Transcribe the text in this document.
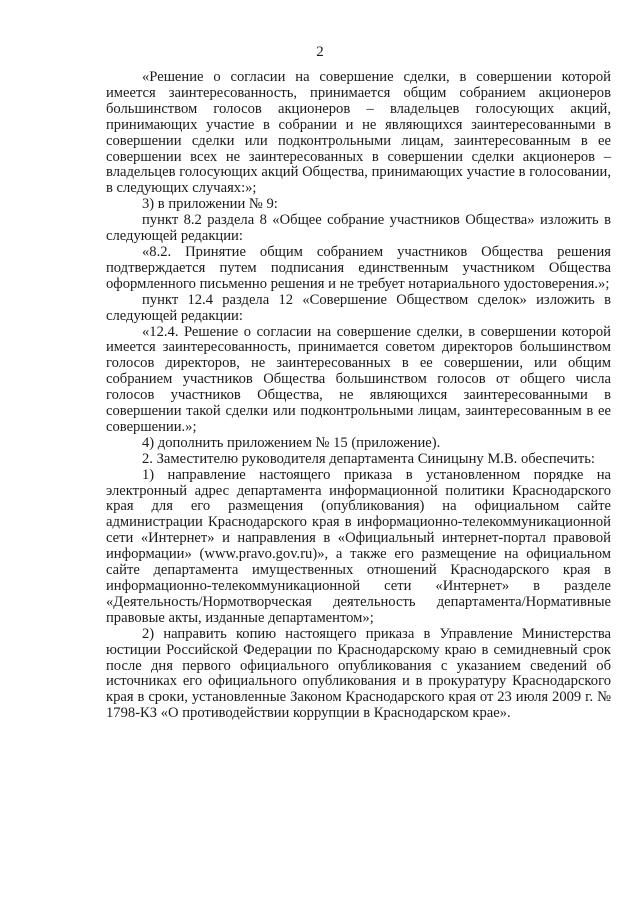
2

«Решение о согласии на совершение сделки, в совершении которой имеется заинтересованность, принимается общим собранием акционеров большинством голосов акционеров – владельцев голосующих акций, принимающих участие в собрании и не являющихся заинтересованными в совершении сделки или подконтрольными лицам, заинтересованным в ее совершении всех не заинтересованных в совершении сделки акционеров – владельцев голосующих акций Общества, принимающих участие в голосовании, в следующих случаях:»;

3) в приложении № 9:

пункт 8.2 раздела 8 «Общее собрание участников Общества» изложить в следующей редакции:

«8.2. Принятие общим собранием участников Общества решения подтверждается путем подписания единственным участником Общества оформленного письменно решения и не требует нотариального удостоверения.»;

пункт 12.4 раздела 12 «Совершение Обществом сделок» изложить в следующей редакции:

«12.4. Решение о согласии на совершение сделки, в совершении которой имеется заинтересованность, принимается советом директоров большинством голосов директоров, не заинтересованных в ее совершении, или общим собранием участников Общества большинством голосов от общего числа голосов участников Общества, не являющихся заинтересованными в совершении такой сделки или подконтрольными лицам, заинтересованным в ее совершении.»;

4) дополнить приложением № 15 (приложение).

2. Заместителю руководителя департамента Синицыну М.В. обеспечить:

1) направление настоящего приказа в установленном порядке на электронный адрес департамента информационной политики Краснодарского края для его размещения (опубликования) на официальном сайте администрации Краснодарского края в информационно-телекоммуникационной сети «Интернет» и направления в «Официальный интернет-портал правовой информации» (www.pravo.gov.ru)», а также его размещение на официальном сайте департамента имущественных отношений Краснодарского края в информационно-телекоммуникационной сети «Интернет» в разделе «Деятельность/Нормотворческая деятельность департамента/Нормативные правовые акты, изданные департаментом»;

2) направить копию настоящего приказа в Управление Министерства юстиции Российской Федерации по Краснодарскому краю в семидневный срок после дня первого официального опубликования с указанием сведений об источниках его официального опубликования и в прокуратуру Краснодарского края в сроки, установленные Законом Краснодарского края от 23 июля 2009 г. № 1798-КЗ «О противодействии коррупции в Краснодарском крае».
